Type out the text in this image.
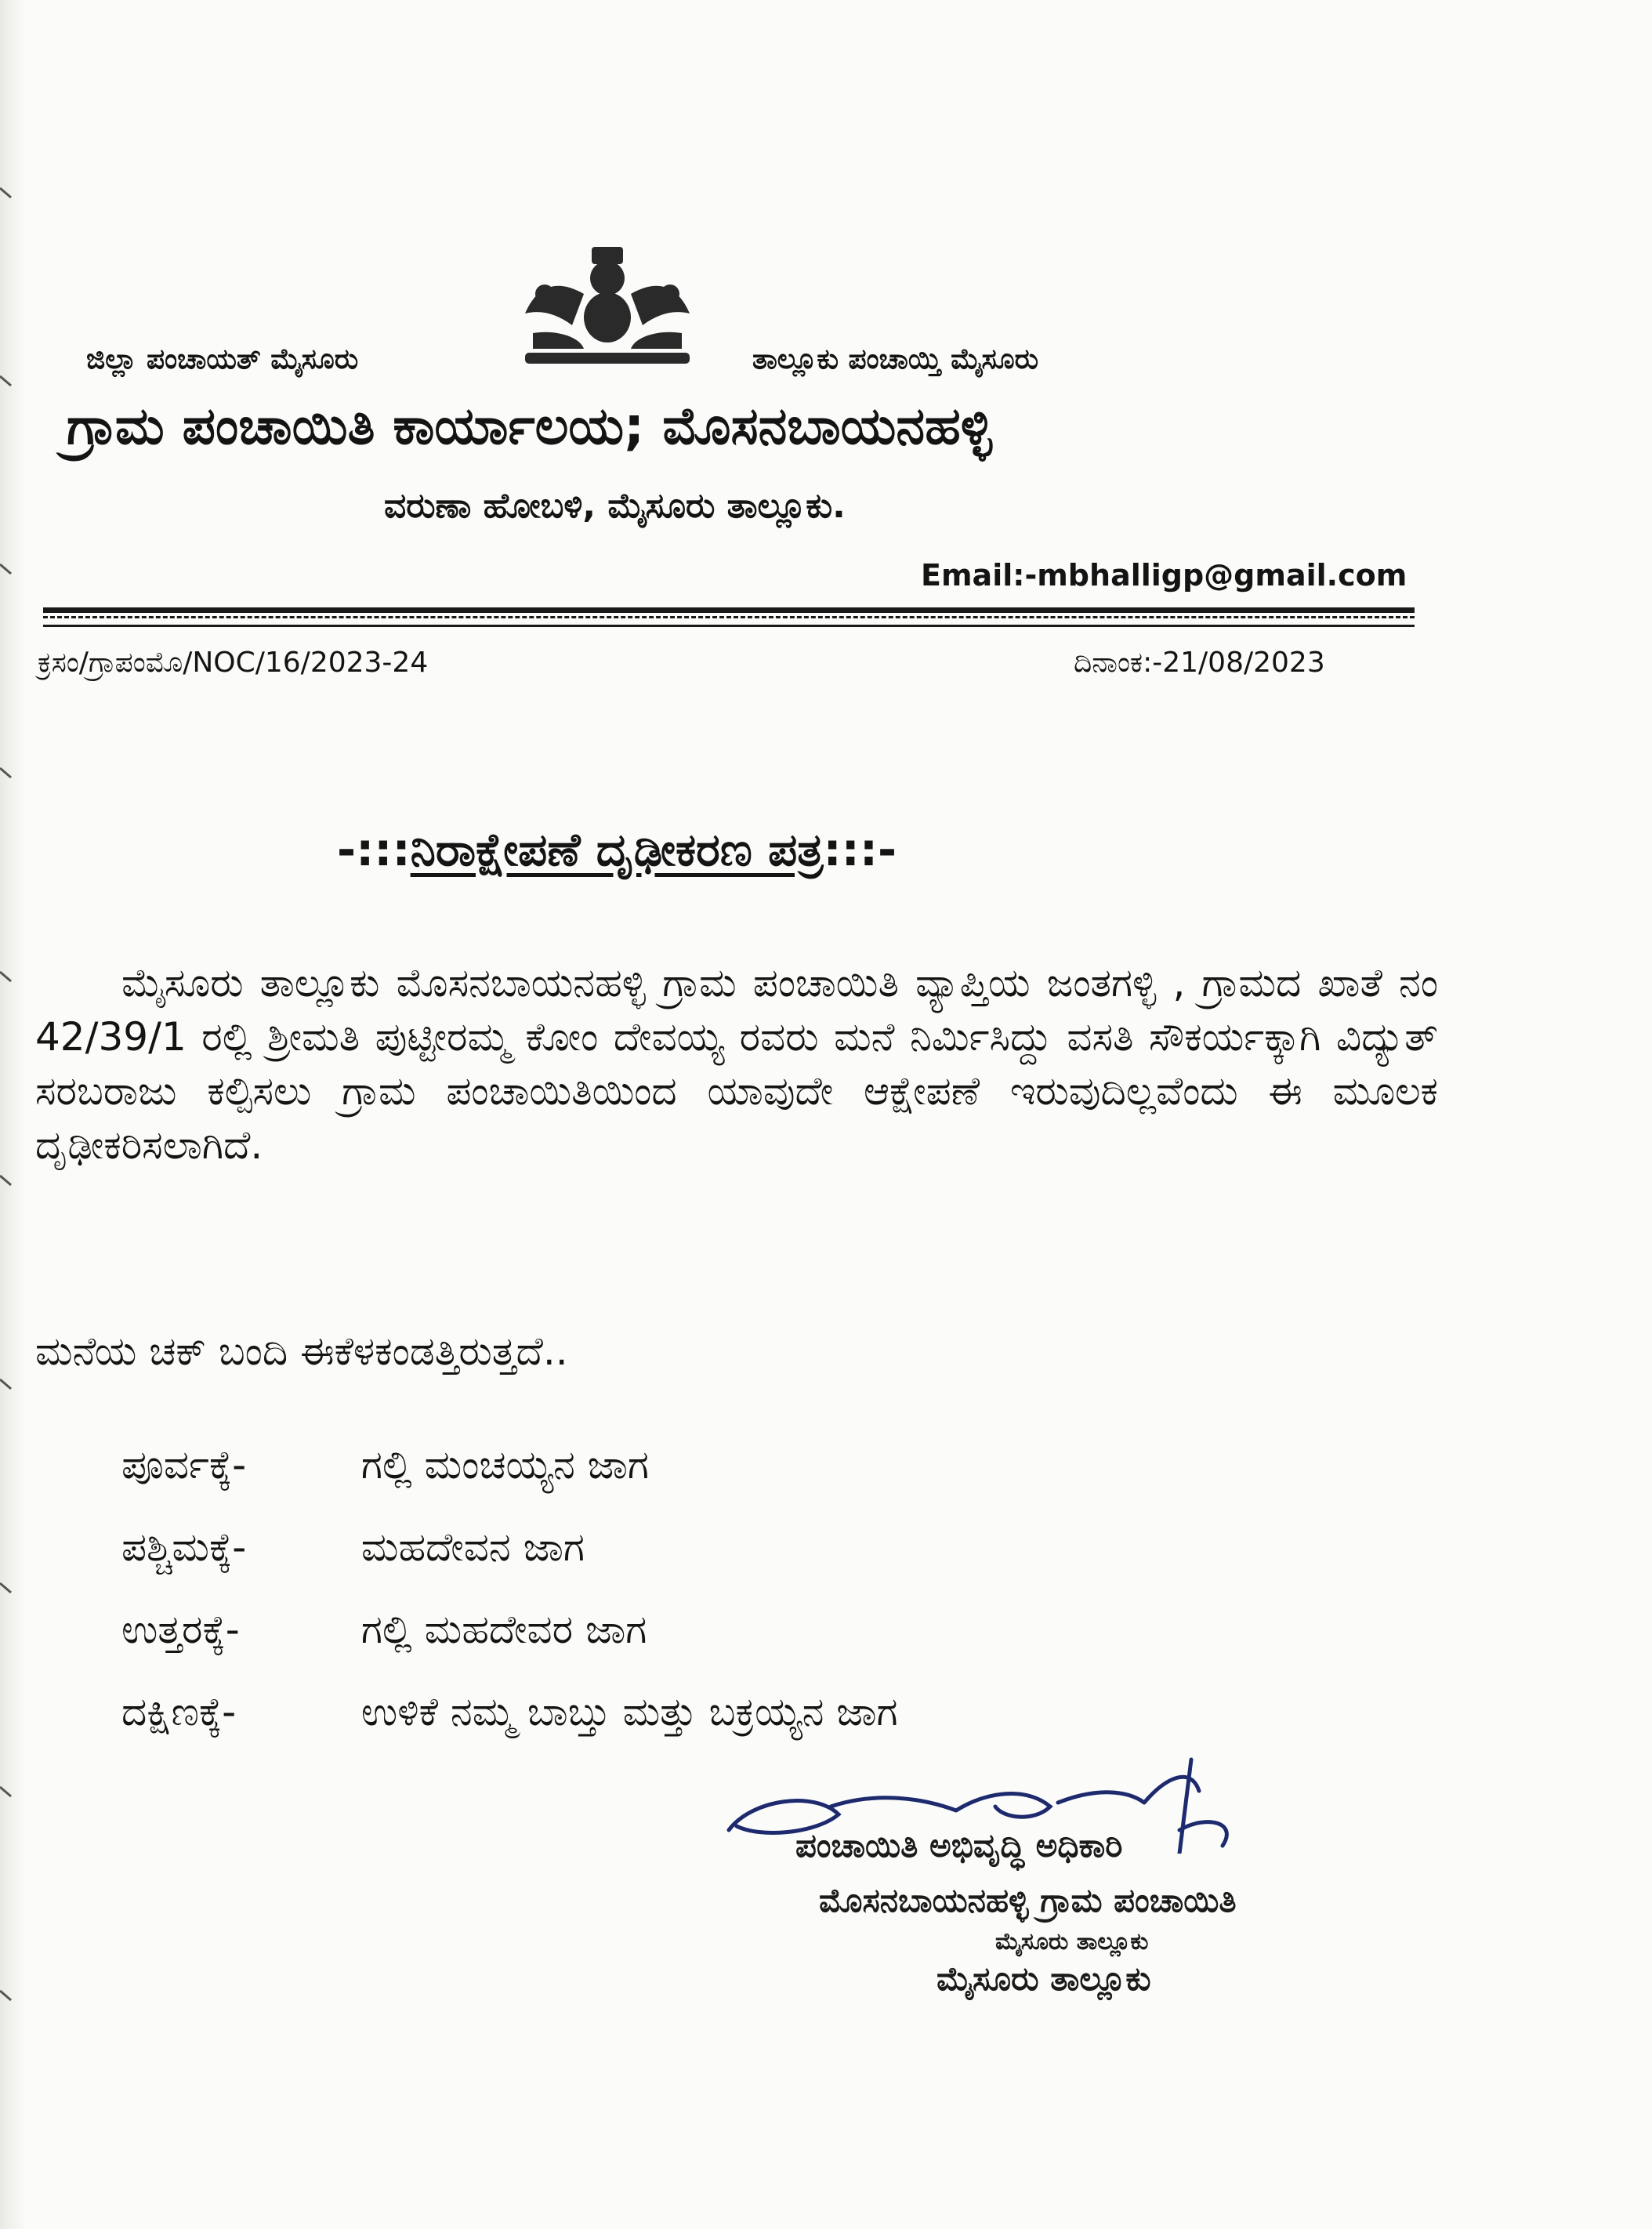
ಜಿಲ್ಲಾ ಪಂಚಾಯತ್ ಮೈಸೂರು	ತಾಲ್ಲೂಕು ಪಂಚಾಯ್ತಿ ಮೈಸೂರು
ಗ್ರಾಮ ಪಂಚಾಯಿತಿ ಕಾರ್ಯಾಲಯ; ಮೊಸನಬಾಯನಹಳ್ಳಿ
ವರುಣಾ ಹೋಬಳಿ, ಮೈಸೂರು ತಾಲ್ಲೂಕು.
Email:-mbhalligp@gmail.com
ಕ್ರಸಂ/ಗ್ರಾಪಂಮೊ/NOC/16/2023-24	ದಿನಾಂಕ:-21/08/2023
-:::ನಿರಾಕ್ಷೇಪಣೆ ದೃಢೀಕರಣ ಪತ್ರ:::-
ಮೈಸೂರು ತಾಲ್ಲೂಕು ಮೊಸನಬಾಯನಹಳ್ಳಿ ಗ್ರಾಮ ಪಂಚಾಯಿತಿ ವ್ಯಾಪ್ತಿಯ ಜಂತಗಳ್ಳಿ , ಗ್ರಾಮದ ಖಾತೆ ನಂ 42/39/1 ರಲ್ಲಿ ಶ್ರೀಮತಿ ಪುಟ್ಟೀರಮ್ಮ ಕೋಂ ದೇವಯ್ಯ ರವರು ಮನೆ ನಿರ್ಮಿಸಿದ್ದು ವಸತಿ ಸೌಕರ್ಯಕ್ಕಾಗಿ ವಿದ್ಯುತ್ ಸರಬರಾಜು ಕಲ್ಪಿಸಲು ಗ್ರಾಮ ಪಂಚಾಯಿತಿಯಿಂದ ಯಾವುದೇ ಆಕ್ಷೇಪಣೆ ಇರುವುದಿಲ್ಲವೆಂದು ಈ ಮೂಲಕ ದೃಢೀಕರಿಸಲಾಗಿದೆ.
ಮನೆಯ ಚಕ್ ಬಂದಿ ಈಕೆಳಕಂಡತ್ತಿರುತ್ತದೆ..
ಪೂರ್ವಕ್ಕೆ-	ಗಲ್ಲಿ ಮಂಚಯ್ಯನ ಜಾಗ
ಪಶ್ಚಿಮಕ್ಕೆ-	ಮಹದೇವನ ಜಾಗ
ಉತ್ತರಕ್ಕೆ-	ಗಲ್ಲಿ ಮಹದೇವರ ಜಾಗ
ದಕ್ಷಿಣಕ್ಕೆ-	ಉಳಿಕೆ ನಮ್ಮ ಬಾಬ್ತು ಮತ್ತು ಬಕ್ರಯ್ಯನ ಜಾಗ
ಪಂಚಾಯಿತಿ ಅಭಿವೃದ್ಧಿ ಅಧಿಕಾರಿ
ಮೊಸನಬಾಯನಹಳ್ಳಿ ಗ್ರಾಮ ಪಂಚಾಯಿತಿ
ಮೈಸೂರು ತಾಲ್ಲೂಕು
ಮೈಸೂರು ತಾಲ್ಲೂಕು
